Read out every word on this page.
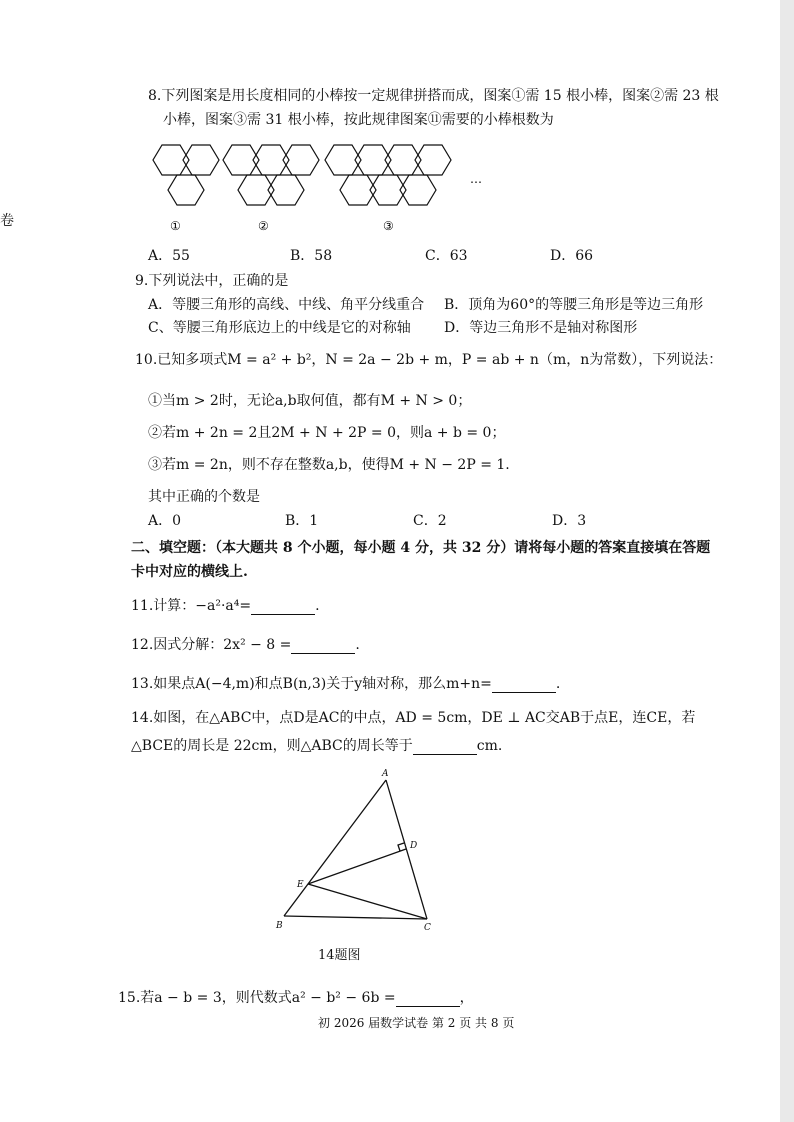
卷
8.下列图案是用长度相同的小棒按一定规律拼搭而成，图案①需 15 根小棒，图案②需 23 根
小棒，图案③需 31 根小棒，按此规律图案⑪需要的小棒根数为
…
①	②	③
A．55	B．58	C．63	D．66
9.下列说法中，正确的是
A．等腰三角形的高线、中线、角平分线重合 B．顶角为60°的等腰三角形是等边三角形
C、等腰三角形底边上的中线是它的对称轴 D．等边三角形不是轴对称图形
10.已知多项式M = a² + b²，N = 2a − 2b + m，P = ab + n（m，n为常数），下列说法：
①当m > 2时，无论a,b取何值，都有M + N > 0；
②若m + 2n = 2且2M + N + 2P = 0，则a + b = 0；
③若m = 2n，则不存在整数a,b，使得M + N − 2P = 1.
其中正确的个数是
A．0	B．1	C．2	D．3
二、填空题：（本大题共 8 个小题，每小题 4 分，共 32 分）请将每小题的答案直接填在答题
卡中对应的横线上.
11.计算：−a²·a⁴=	.
12.因式分解：2x² − 8 =	.
13.如果点A(−4,m)和点B(n,3)关于y轴对称，那么m+n=	.
14.如图，在△ABC中，点D是AC的中点，AD = 5cm，DE ⊥ AC交AB于点E，连CE，若
△BCE的周长是 22cm，则△ABC的周长等于	cm.
A
B	C
D
E
14题图
15.若a − b = 3，则代数式a² − b² − 6b =	，
初 2026 届数学试卷 第 2 页 共 8 页
